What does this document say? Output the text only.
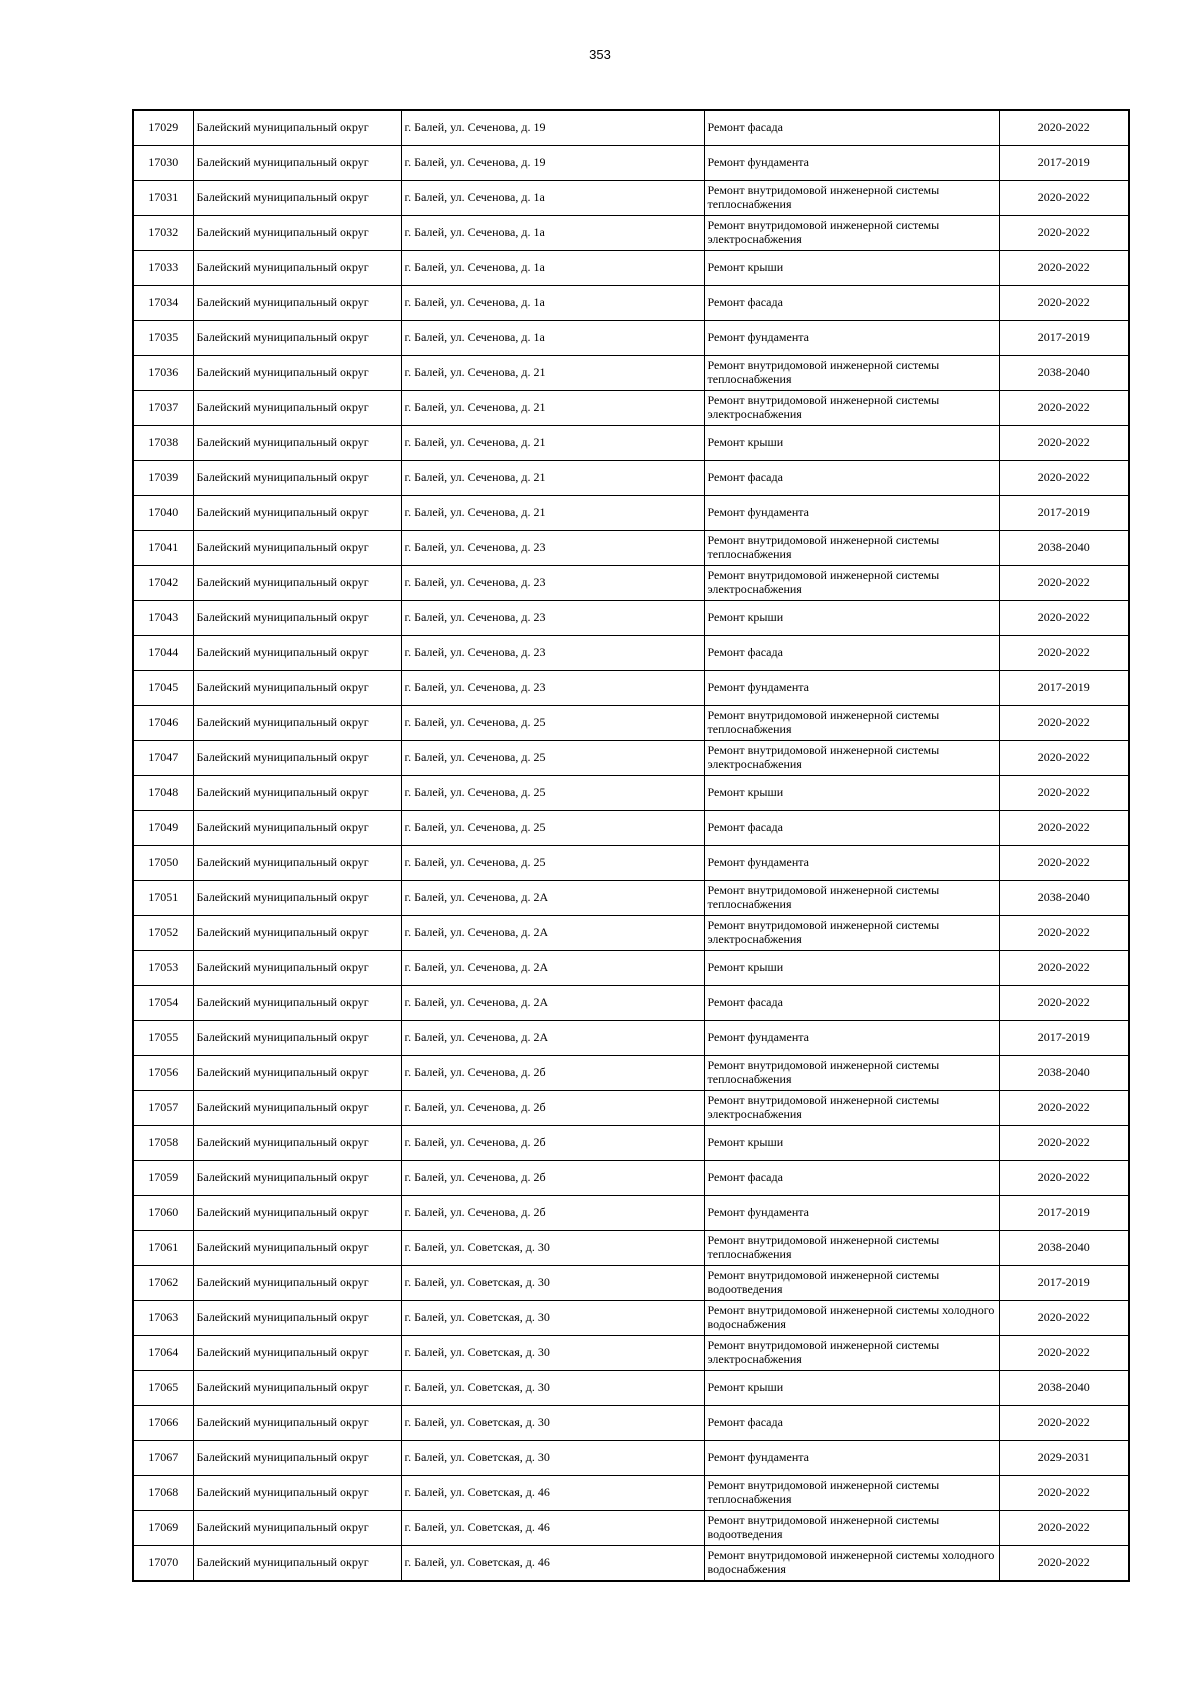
353
17029	Балейский муниципальный округ	г. Балей, ул. Сеченова, д. 19	Ремонт фасада	2020-2022
17030	Балейский муниципальный округ	г. Балей, ул. Сеченова, д. 19	Ремонт фундамента	2017-2019
17031	Балейский муниципальный округ	г. Балей, ул. Сеченова, д. 1а	Ремонт внутридомовой инженерной системы теплоснабжения	2020-2022
17032	Балейский муниципальный округ	г. Балей, ул. Сеченова, д. 1а	Ремонт внутридомовой инженерной системы электроснабжения	2020-2022
17033	Балейский муниципальный округ	г. Балей, ул. Сеченова, д. 1а	Ремонт крыши	2020-2022
17034	Балейский муниципальный округ	г. Балей, ул. Сеченова, д. 1а	Ремонт фасада	2020-2022
17035	Балейский муниципальный округ	г. Балей, ул. Сеченова, д. 1а	Ремонт фундамента	2017-2019
17036	Балейский муниципальный округ	г. Балей, ул. Сеченова, д. 21	Ремонт внутридомовой инженерной системы теплоснабжения	2038-2040
17037	Балейский муниципальный округ	г. Балей, ул. Сеченова, д. 21	Ремонт внутридомовой инженерной системы электроснабжения	2020-2022
17038	Балейский муниципальный округ	г. Балей, ул. Сеченова, д. 21	Ремонт крыши	2020-2022
17039	Балейский муниципальный округ	г. Балей, ул. Сеченова, д. 21	Ремонт фасада	2020-2022
17040	Балейский муниципальный округ	г. Балей, ул. Сеченова, д. 21	Ремонт фундамента	2017-2019
17041	Балейский муниципальный округ	г. Балей, ул. Сеченова, д. 23	Ремонт внутридомовой инженерной системы теплоснабжения	2038-2040
17042	Балейский муниципальный округ	г. Балей, ул. Сеченова, д. 23	Ремонт внутридомовой инженерной системы электроснабжения	2020-2022
17043	Балейский муниципальный округ	г. Балей, ул. Сеченова, д. 23	Ремонт крыши	2020-2022
17044	Балейский муниципальный округ	г. Балей, ул. Сеченова, д. 23	Ремонт фасада	2020-2022
17045	Балейский муниципальный округ	г. Балей, ул. Сеченова, д. 23	Ремонт фундамента	2017-2019
17046	Балейский муниципальный округ	г. Балей, ул. Сеченова, д. 25	Ремонт внутридомовой инженерной системы теплоснабжения	2020-2022
17047	Балейский муниципальный округ	г. Балей, ул. Сеченова, д. 25	Ремонт внутридомовой инженерной системы электроснабжения	2020-2022
17048	Балейский муниципальный округ	г. Балей, ул. Сеченова, д. 25	Ремонт крыши	2020-2022
17049	Балейский муниципальный округ	г. Балей, ул. Сеченова, д. 25	Ремонт фасада	2020-2022
17050	Балейский муниципальный округ	г. Балей, ул. Сеченова, д. 25	Ремонт фундамента	2020-2022
17051	Балейский муниципальный округ	г. Балей, ул. Сеченова, д. 2А	Ремонт внутридомовой инженерной системы теплоснабжения	2038-2040
17052	Балейский муниципальный округ	г. Балей, ул. Сеченова, д. 2А	Ремонт внутридомовой инженерной системы электроснабжения	2020-2022
17053	Балейский муниципальный округ	г. Балей, ул. Сеченова, д. 2А	Ремонт крыши	2020-2022
17054	Балейский муниципальный округ	г. Балей, ул. Сеченова, д. 2А	Ремонт фасада	2020-2022
17055	Балейский муниципальный округ	г. Балей, ул. Сеченова, д. 2А	Ремонт фундамента	2017-2019
17056	Балейский муниципальный округ	г. Балей, ул. Сеченова, д. 2б	Ремонт внутридомовой инженерной системы теплоснабжения	2038-2040
17057	Балейский муниципальный округ	г. Балей, ул. Сеченова, д. 2б	Ремонт внутридомовой инженерной системы электроснабжения	2020-2022
17058	Балейский муниципальный округ	г. Балей, ул. Сеченова, д. 2б	Ремонт крыши	2020-2022
17059	Балейский муниципальный округ	г. Балей, ул. Сеченова, д. 2б	Ремонт фасада	2020-2022
17060	Балейский муниципальный округ	г. Балей, ул. Сеченова, д. 2б	Ремонт фундамента	2017-2019
17061	Балейский муниципальный округ	г. Балей, ул. Советская, д. 30	Ремонт внутридомовой инженерной системы теплоснабжения	2038-2040
17062	Балейский муниципальный округ	г. Балей, ул. Советская, д. 30	Ремонт внутридомовой инженерной системы водоотведения	2017-2019
17063	Балейский муниципальный округ	г. Балей, ул. Советская, д. 30	Ремонт внутридомовой инженерной системы холодного водоснабжения	2020-2022
17064	Балейский муниципальный округ	г. Балей, ул. Советская, д. 30	Ремонт внутридомовой инженерной системы электроснабжения	2020-2022
17065	Балейский муниципальный округ	г. Балей, ул. Советская, д. 30	Ремонт крыши	2038-2040
17066	Балейский муниципальный округ	г. Балей, ул. Советская, д. 30	Ремонт фасада	2020-2022
17067	Балейский муниципальный округ	г. Балей, ул. Советская, д. 30	Ремонт фундамента	2029-2031
17068	Балейский муниципальный округ	г. Балей, ул. Советская, д. 46	Ремонт внутридомовой инженерной системы теплоснабжения	2020-2022
17069	Балейский муниципальный округ	г. Балей, ул. Советская, д. 46	Ремонт внутридомовой инженерной системы водоотведения	2020-2022
17070	Балейский муниципальный округ	г. Балей, ул. Советская, д. 46	Ремонт внутридомовой инженерной системы холодного водоснабжения	2020-2022
